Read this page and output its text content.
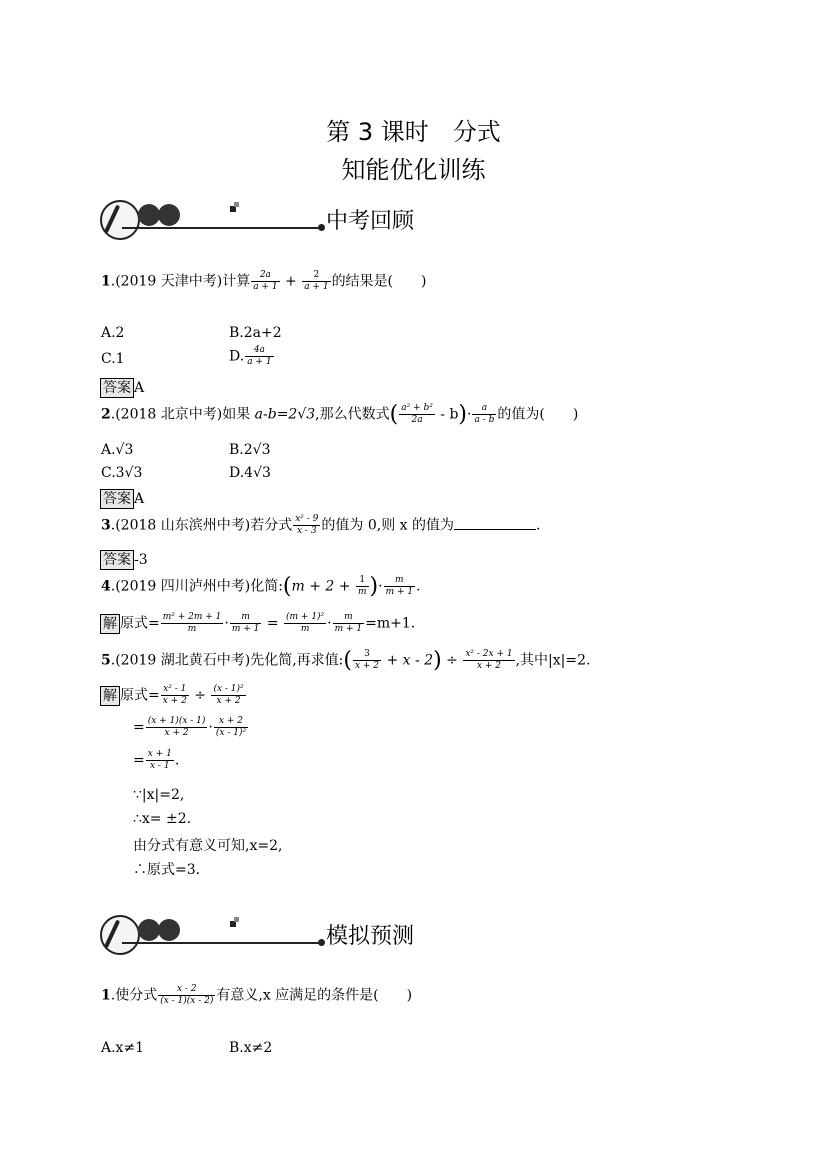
第 3 课时　分式
知能优化训练
中考回顾
1.(2019 天津中考)计算 $\frac{2a}{a + 1} + \frac{2}{a + 1}$ 的结果是(　　)
A.2	B.2a+2
C.1	D. $\frac{4a}{a + 1}$
答案 A
2.(2018 北京中考)如果 a-b=2√3,那么代数式( $\frac{\text{a² + b²}}{2a} - b)\cdot \frac{a}{a - b}$ 的值为(　　)
A.√3	B.2√3
C.3√3	D.4√3
答案 A
3.(2018 山东滨州中考)若分式 $\frac{\text{x² - 9}}{x - 3}$ 的值为 0,则 x 的值为	.
答案 -3
4.(2019 四川泸州中考)化简:(m + $2 + \frac{1}{m}$ )· $\frac{m}{m + 1}$ .
解 原式= $\frac{\text{m² + 2m + 1}}{m} \cdot \frac{m}{m + 1} = \frac{\text{(m + 1)²}}{m} \cdot \frac{m}{m + 1} =m+1$.
5.(2019 湖北黄石中考)先化简,再求值:( $\frac{3}{x + 2} + x - 2) \div \frac{\text{x² - 2x + 1}}{x + 2}$ ,其中|x|=2.
解 原式= $\frac{\text{x² - 1}}{x + 2} \div \frac{\text{(x - 1)²}}{x + 2}$
= $\frac{(x + 1)(x - 1)}{x + 2} \cdot \frac{x + 2}{\text{(x - 1)²}}$
= $\frac{x + 1}{x - 1}$ .
∵|x|=2,
∴x= ±2.
由分式有意义可知,x=2,
∴原式=3.
模拟预测
1.使分式 $\frac{x - 2}{(x - 1)(x - 2)}$ 有意义,x 应满足的条件是(　　)
A.x≠1	B.x≠2
